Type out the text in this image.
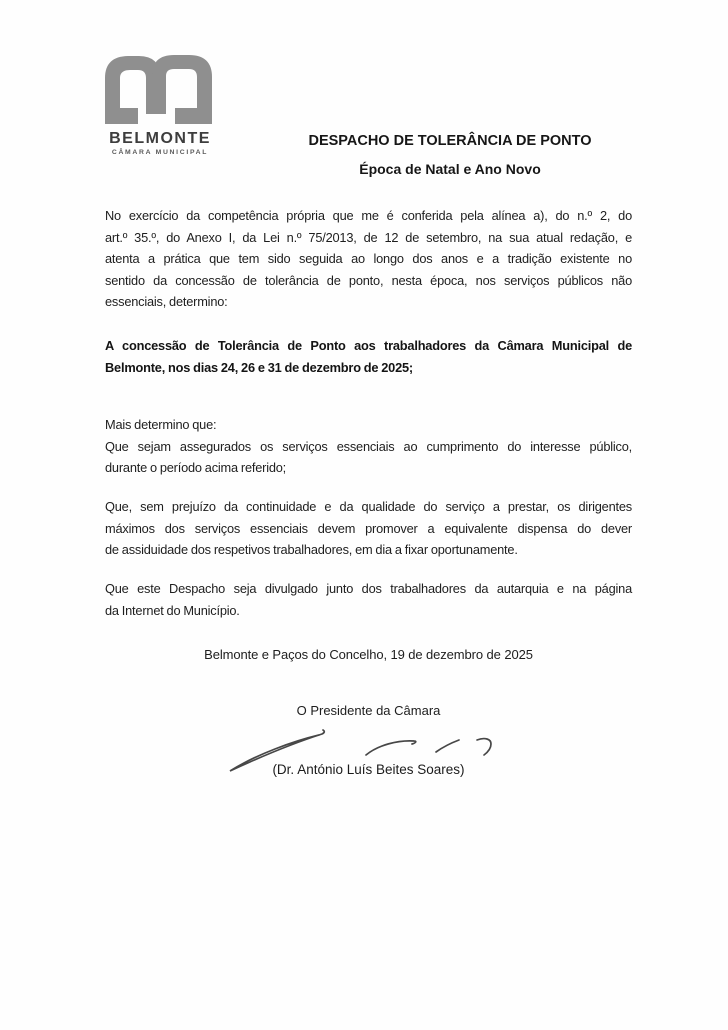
BELMONTE
CÂMARA MUNICIPAL
DESPACHO DE TOLERÂNCIA DE PONTO
Época de Natal e Ano Novo
No exercício da competência própria que me é conferida pela alínea a), do n.º 2, do
art.º 35.º, do Anexo I, da Lei n.º 75/2013, de 12 de setembro, na sua atual redação, e
atenta a prática que tem sido seguida ao longo dos anos e a tradição existente no
sentido da concessão de tolerância de ponto, nesta época, nos serviços públicos não
essenciais, determino:
A concessão de Tolerância de Ponto aos trabalhadores da Câmara Municipal de
Belmonte, nos dias 24, 26 e 31 de dezembro de 2025;
Mais determino que:
Que sejam assegurados os serviços essenciais ao cumprimento do interesse público,
durante o período acima referido;
Que, sem prejuízo da continuidade e da qualidade do serviço a prestar, os dirigentes
máximos dos serviços essenciais devem promover a equivalente dispensa do dever
de assiduidade dos respetivos trabalhadores, em dia a fixar oportunamente.
Que este Despacho seja divulgado junto dos trabalhadores da autarquia e na página
da Internet do Município.
Belmonte e Paços do Concelho, 19 de dezembro de 2025
O Presidente da Câmara
(Dr. António Luís Beites Soares)
